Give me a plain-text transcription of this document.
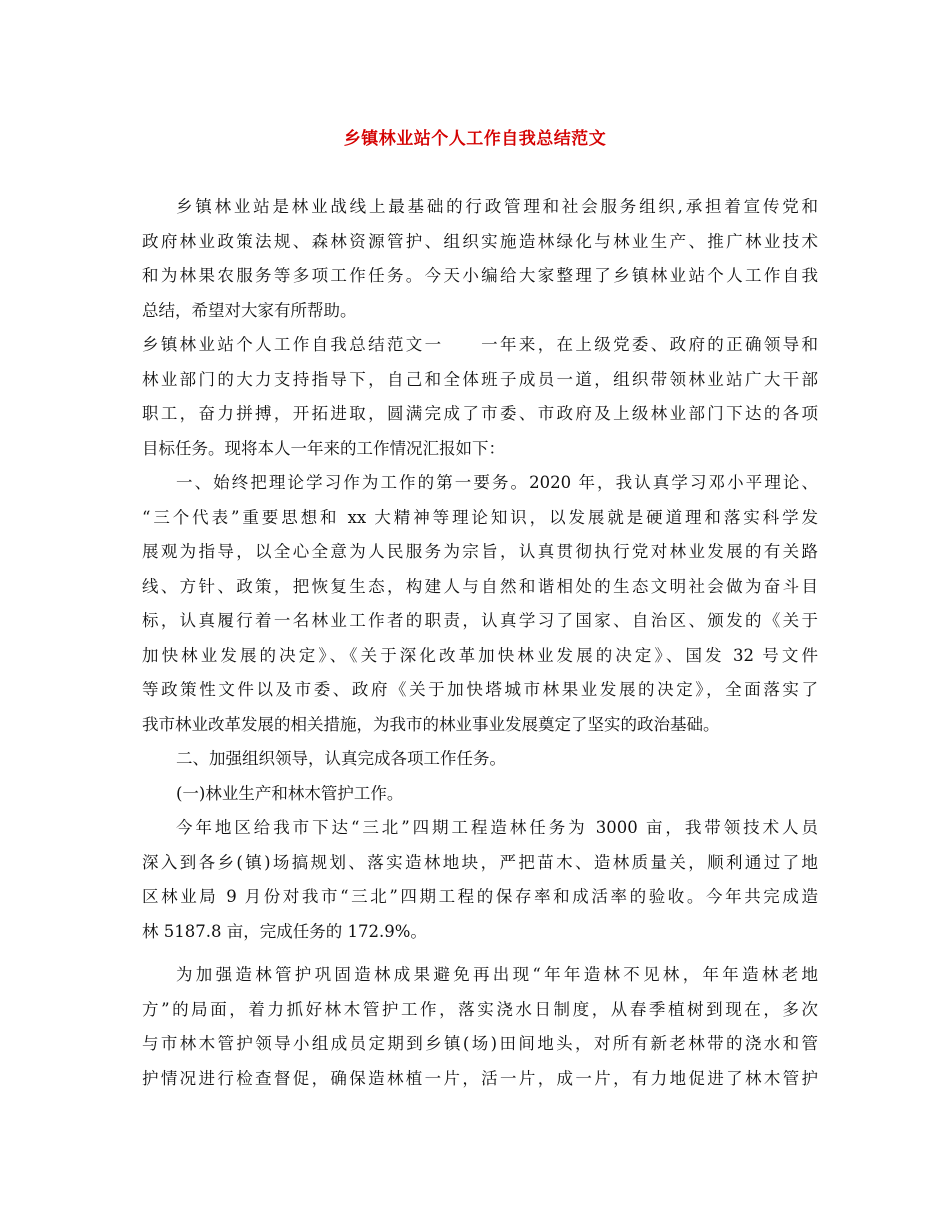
乡镇林业站个人工作自我总结范文
乡镇林业站是林业战线上最基础的行政管理和社会服务组织,承担着宣传党和
政府林业政策法规、森林资源管护、组织实施造林绿化与林业生产、推广林业技术
和为林果农服务等多项工作任务。今天小编给大家整理了乡镇林业站个人工作自我
总结，希望对大家有所帮助。
乡镇林业站个人工作自我总结范文一　　一年来，在上级党委、政府的正确领导和
林业部门的大力支持指导下，自己和全体班子成员一道，组织带领林业站广大干部
职工，奋力拼搏，开拓进取，圆满完成了市委、市政府及上级林业部门下达的各项
目标任务。现将本人一年来的工作情况汇报如下：
一、始终把理论学习作为工作的第一要务。2020 年，我认真学习邓小平理论、
“三个代表”重要思想和 xx 大精神等理论知识，以发展就是硬道理和落实科学发
展观为指导，以全心全意为人民服务为宗旨，认真贯彻执行党对林业发展的有关路
线、方针、政策，把恢复生态，构建人与自然和谐相处的生态文明社会做为奋斗目
标，认真履行着一名林业工作者的职责，认真学习了国家、自治区、颁发的《关于
加快林业发展的决定》、《关于深化改革加快林业发展的决定》、国发 32 号文件
等政策性文件以及市委、政府《关于加快塔城市林果业发展的决定》，全面落实了
我市林业改革发展的相关措施，为我市的林业事业发展奠定了坚实的政治基础。
二、加强组织领导，认真完成各项工作任务。
(一)林业生产和林木管护工作。
今年地区给我市下达“三北”四期工程造林任务为 3000 亩，我带领技术人员
深入到各乡(镇)场搞规划、落实造林地块，严把苗木、造林质量关，顺利通过了地
区林业局 9 月份对我市“三北”四期工程的保存率和成活率的验收。今年共完成造
林 5187.8 亩，完成任务的 172.9%。
为加强造林管护巩固造林成果避免再出现“年年造林不见林，年年造林老地
方”的局面，着力抓好林木管护工作，落实浇水日制度，从春季植树到现在，多次
与市林木管护领导小组成员定期到乡镇(场)田间地头，对所有新老林带的浇水和管
护情况进行检查督促，确保造林植一片，活一片，成一片，有力地促进了林木管护
